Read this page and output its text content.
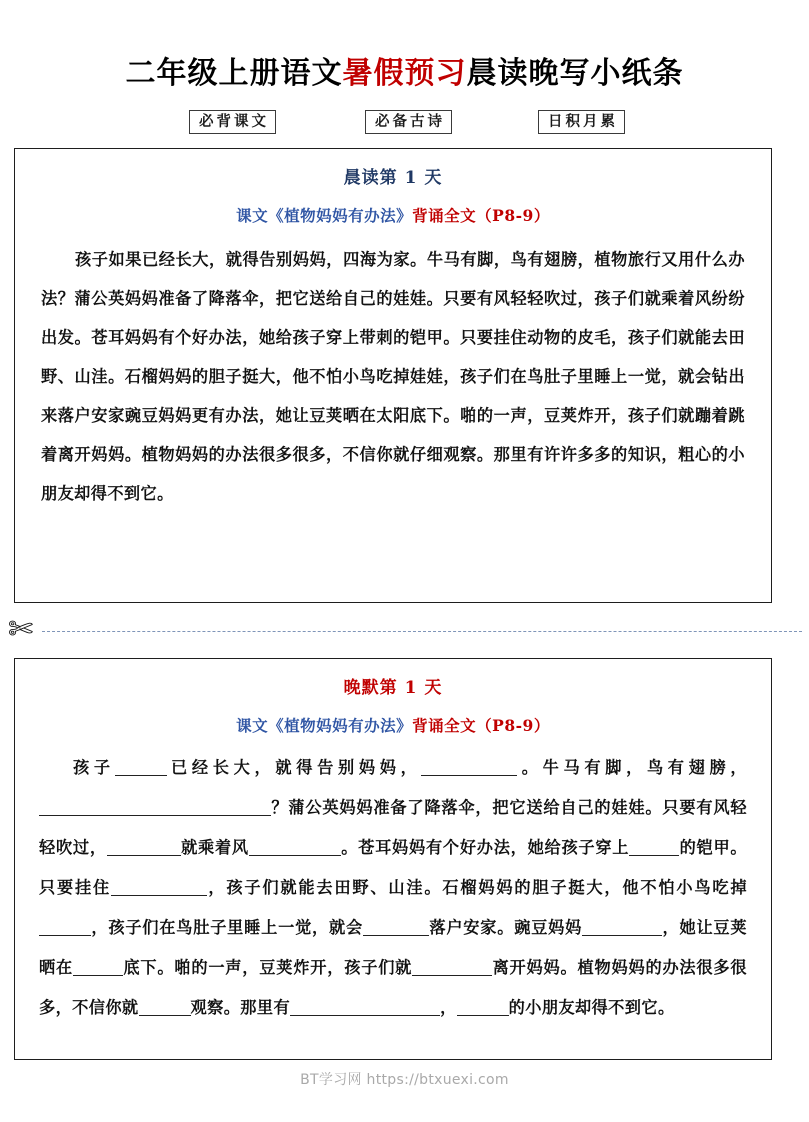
二年级上册语文暑假预习晨读晚写小纸条
必背课文	必备古诗	日积月累
晨读第 1 天
课文《植物妈妈有办法》背诵全文（P8-9）
孩子如果已经长大，就得告别妈妈，四海为家。牛马有脚，鸟有翅膀，植物旅行又用什么办法？蒲公英妈妈准备了降落伞，把它送给自己的娃娃。只要有风轻轻吹过，孩子们就乘着风纷纷出发。苍耳妈妈有个好办法，她给孩子穿上带刺的铠甲。只要挂住动物的皮毛，孩子们就能去田野、山洼。石榴妈妈的胆子挺大，他不怕小鸟吃掉娃娃，孩子们在鸟肚子里睡上一觉，就会钻出来落户安家豌豆妈妈更有办法，她让豆荚晒在太阳底下。啪的一声，豆荚炸开，孩子们就蹦着跳着离开妈妈。植物妈妈的办法很多很多，不信你就仔细观察。那里有许许多多的知识，粗心的小朋友却得不到它。
✄
晚默第 1 天
课文《植物妈妈有办法》背诵全文（P8-9）
孩子	已经长大，就得告别妈妈，	。牛马有脚，鸟有翅膀，？蒲公英妈妈准备了降落伞，把它送给自己的娃娃。只要有风轻轻吹过，	就乘着风	。苍耳妈妈有个好办法，她给孩子穿上	的铠甲。只要挂住	，孩子们就能去田野、山洼。石榴妈妈的胆子挺大，他不怕小鸟吃掉，孩子们在鸟肚子里睡上一觉，就会	落户安家。豌豆妈妈	，她让豆荚晒在	底下。啪的一声，豆荚炸开，孩子们就	离开妈妈。植物妈妈的办法很多很多，不信你就	观察。那里有	，	的小朋友却得不到它。
BT学习网 https://btxuexi.com
